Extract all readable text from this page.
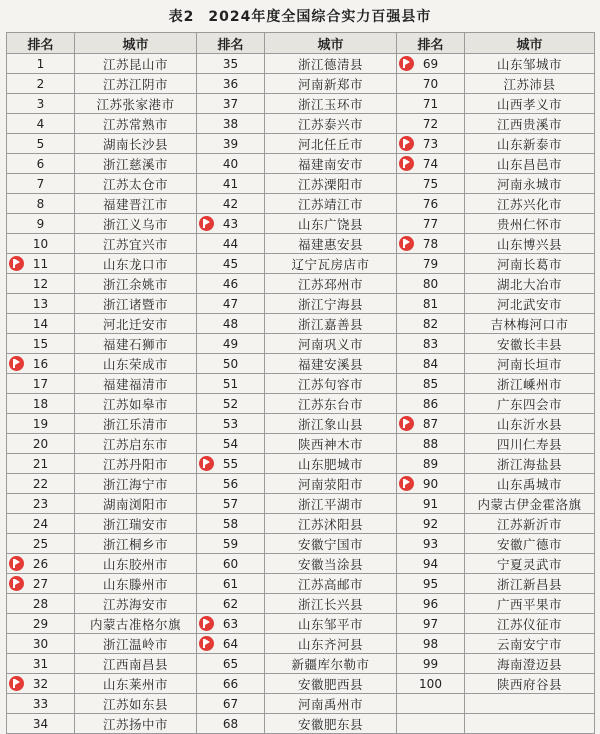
表2 2024年度全国综合实力百强县市
排名	城市	排名	城市	排名	城市
1	江苏昆山市	35	浙江德清县	69	山东邹城市
2	江苏江阴市	36	河南新郑市	70	江苏沛县
3	江苏张家港市	37	浙江玉环市	71	山西孝义市
4	江苏常熟市	38	江苏泰兴市	72	江西贵溪市
5	湖南长沙县	39	河北任丘市	73	山东新泰市
6	浙江慈溪市	40	福建南安市	74	山东昌邑市
7	江苏太仓市	41	江苏溧阳市	75	河南永城市
8	福建晋江市	42	江苏靖江市	76	江苏兴化市
9	浙江义乌市	43	山东广饶县	77	贵州仁怀市
10	江苏宜兴市	44	福建惠安县	78	山东博兴县

11	山东龙口市	45	辽宁瓦房店市	79	河南长葛市
12	浙江余姚市	46	江苏邳州市	80	湖北大冶市
13	浙江诸暨市	47	浙江宁海县	81	河北武安市
14	河北迁安市	48	浙江嘉善县	82	吉林梅河口市
15	福建石狮市	49	河南巩义市	83	安徽长丰县

16	山东荣成市	50	福建安溪县	84	河南长垣市
17	福建福清市	51	江苏句容市	85	浙江嵊州市
18	江苏如皋市	52	江苏东台市	86	广东四会市
19	浙江乐清市	53	浙江象山县	87	山东沂水县
20	江苏启东市	54	陕西神木市	88	四川仁寿县
21	江苏丹阳市	55	山东肥城市	89	浙江海盐县
22	浙江海宁市	56	河南荥阳市	90	山东禹城市
23	湖南浏阳市	57	浙江平湖市	91	内蒙古伊金霍洛旗
24	浙江瑞安市	58	江苏沭阳县	92	江苏新沂市
25	浙江桐乡市	59	安徽宁国市	93	安徽广德市

26	山东胶州市	60	安徽当涂县	94	宁夏灵武市

27	山东滕州市	61	江苏高邮市	95	浙江新昌县
28	江苏海安市	62	浙江长兴县	96	广西平果市
29	内蒙古准格尔旗	63	山东邹平市	97	江苏仪征市
30	浙江温岭市	64	山东齐河县	98	云南安宁市
31	江西南昌县	65	新疆库尔勒市	99	海南澄迈县

32	山东莱州市	66	安徽肥西县	100	陕西府谷县
33	江苏如东县	67	河南禹州市		
34	江苏扬中市	68	安徽肥东县		
